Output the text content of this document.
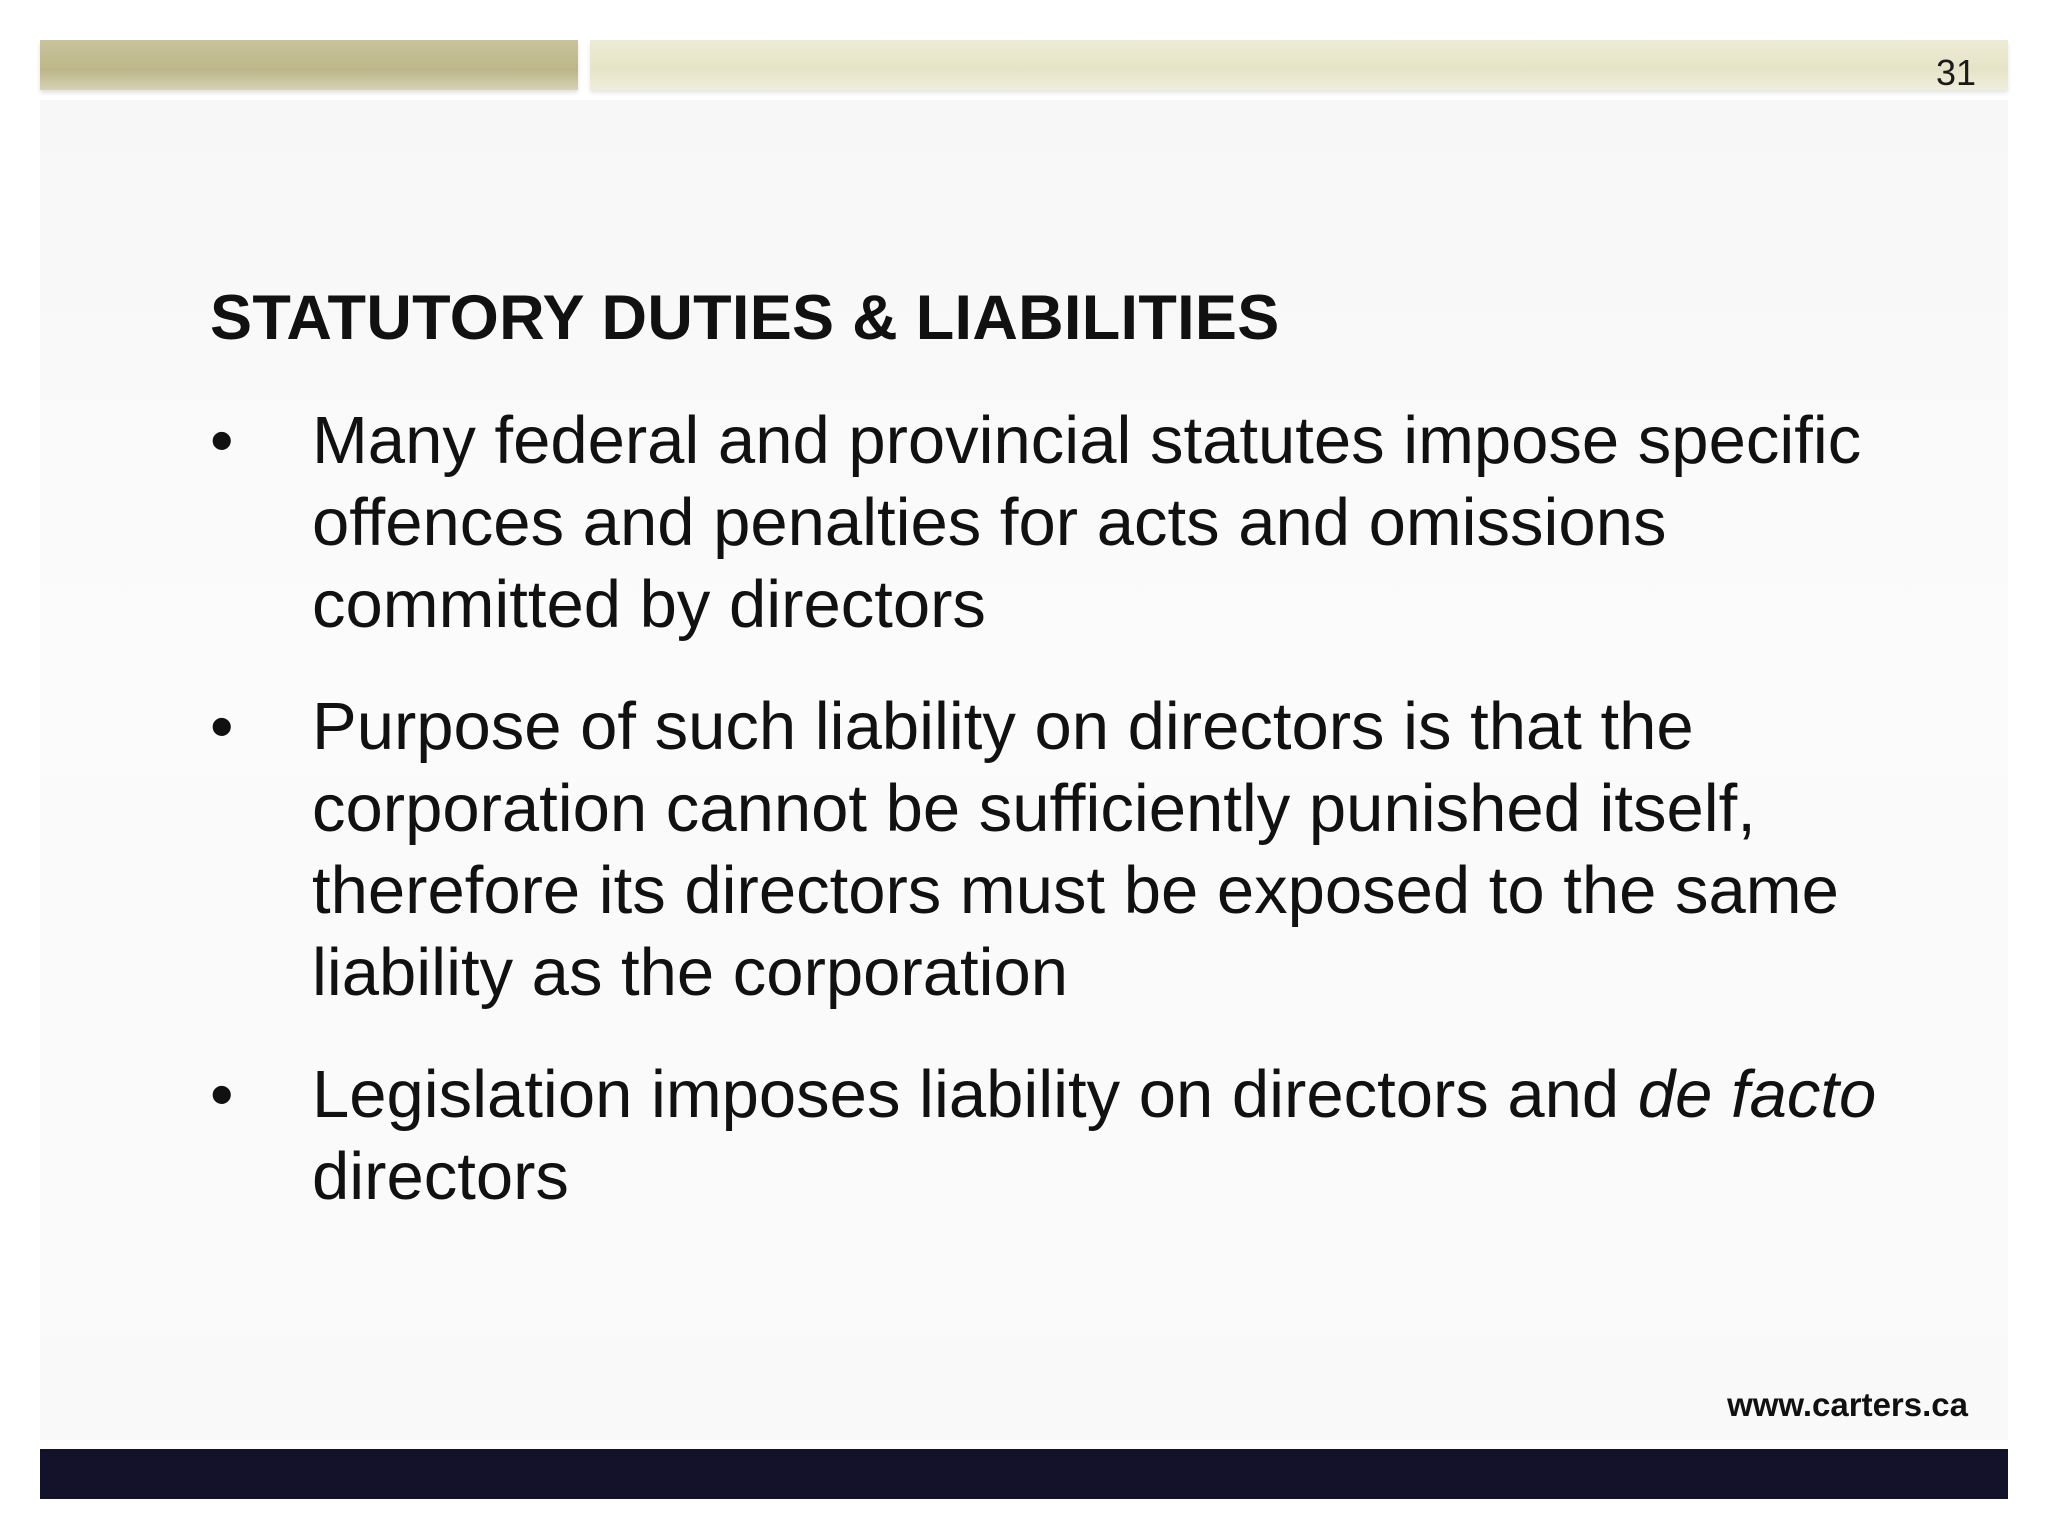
31
STATUTORY DUTIES & LIABILITIES
• Many federal and provincial statutes impose specific offences and penalties for acts and omissions committed by directors
• Purpose of such liability on directors is that the corporation cannot be sufficiently punished itself, therefore its directors must be exposed to the same liability as the corporation
• Legislation imposes liability on directors and de facto directors
www.carters.ca
